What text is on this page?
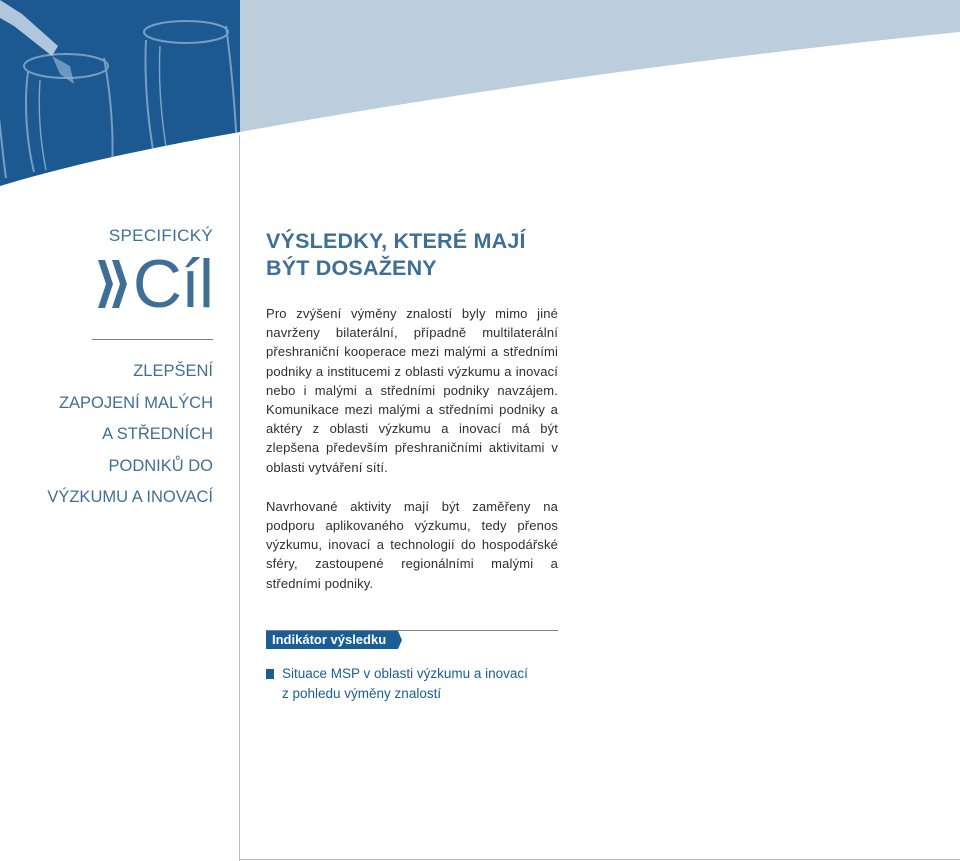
SPECIFICKÝ
Cíl
ZLEPŠENÍ
ZAPOJENÍ MALÝCH
A STŘEDNÍCH
PODNIKŮ DO
VÝZKUMU A INOVACÍ
VÝSLEDKY, KTERÉ MAJÍ
BÝT DOSAŽENY

Pro zvýšení výměny znalostí byly mimo jiné navrženy bilaterální, případně multilaterální přeshraniční kooperace mezi malými a středními podniky a institucemi z oblasti výzkumu a inovací nebo i malými a středními podniky navzájem. Komunikace mezi malými a středními podniky a aktéry z oblasti výzkumu a inovací má být zlepšena především přeshraničními aktivitami v oblasti vytváření sítí.

Navrhované aktivity mají být zaměřeny na podporu aplikovaného výzkumu, tedy přenos výzkumu, inovací a technologií do hospodářské sféry, zastoupené regionálními malými a středními podniky.

Indikátor výsledku
Situace MSP v oblasti výzkumu a inovací
z pohledu výměny znalostí
